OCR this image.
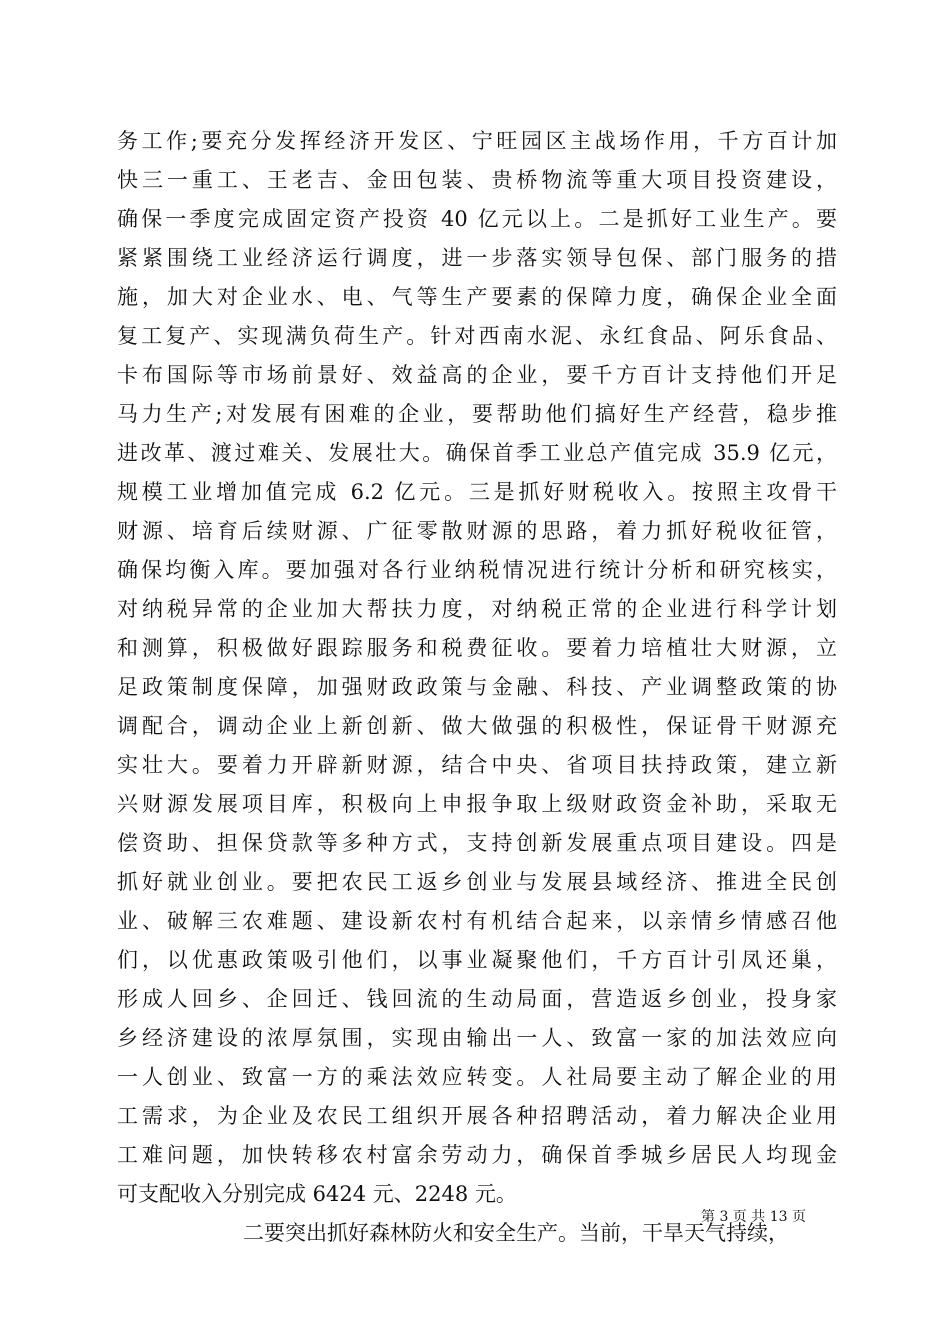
务工作;要充分发挥经济开发区、宁旺园区主战场作用，千方百计加
快三一重工、王老吉、金田包装、贵桥物流等重大项目投资建设，
确保一季度完成固定资产投资 40 亿元以上。二是抓好工业生产。要
紧紧围绕工业经济运行调度，进一步落实领导包保、部门服务的措
施，加大对企业水、电、气等生产要素的保障力度，确保企业全面
复工复产、实现满负荷生产。针对西南水泥、永红食品、阿乐食品、
卡布国际等市场前景好、效益高的企业，要千方百计支持他们开足
马力生产;对发展有困难的企业，要帮助他们搞好生产经营，稳步推
进改革、渡过难关、发展壮大。确保首季工业总产值完成 35.9 亿元，
规模工业增加值完成 6.2 亿元。三是抓好财税收入。按照主攻骨干
财源、培育后续财源、广征零散财源的思路，着力抓好税收征管，
确保均衡入库。要加强对各行业纳税情况进行统计分析和研究核实，
对纳税异常的企业加大帮扶力度，对纳税正常的企业进行科学计划
和测算，积极做好跟踪服务和税费征收。要着力培植壮大财源，立
足政策制度保障，加强财政政策与金融、科技、产业调整政策的协
调配合，调动企业上新创新、做大做强的积极性，保证骨干财源充
实壮大。要着力开辟新财源，结合中央、省项目扶持政策，建立新
兴财源发展项目库，积极向上申报争取上级财政资金补助，采取无
偿资助、担保贷款等多种方式，支持创新发展重点项目建设。四是
抓好就业创业。要把农民工返乡创业与发展县域经济、推进全民创
业、破解三农难题、建设新农村有机结合起来，以亲情乡情感召他
们，以优惠政策吸引他们，以事业凝聚他们，千方百计引凤还巢，
形成人回乡、企回迁、钱回流的生动局面，营造返乡创业，投身家
乡经济建设的浓厚氛围，实现由输出一人、致富一家的加法效应向
一人创业、致富一方的乘法效应转变。人社局要主动了解企业的用
工需求，为企业及农民工组织开展各种招聘活动，着力解决企业用
工难问题，加快转移农村富余劳动力，确保首季城乡居民人均现金
可支配收入分别完成 6424 元、2248 元。
二要突出抓好森林防火和安全生产。当前，干旱天气持续，
第 3 页 共 13 页
